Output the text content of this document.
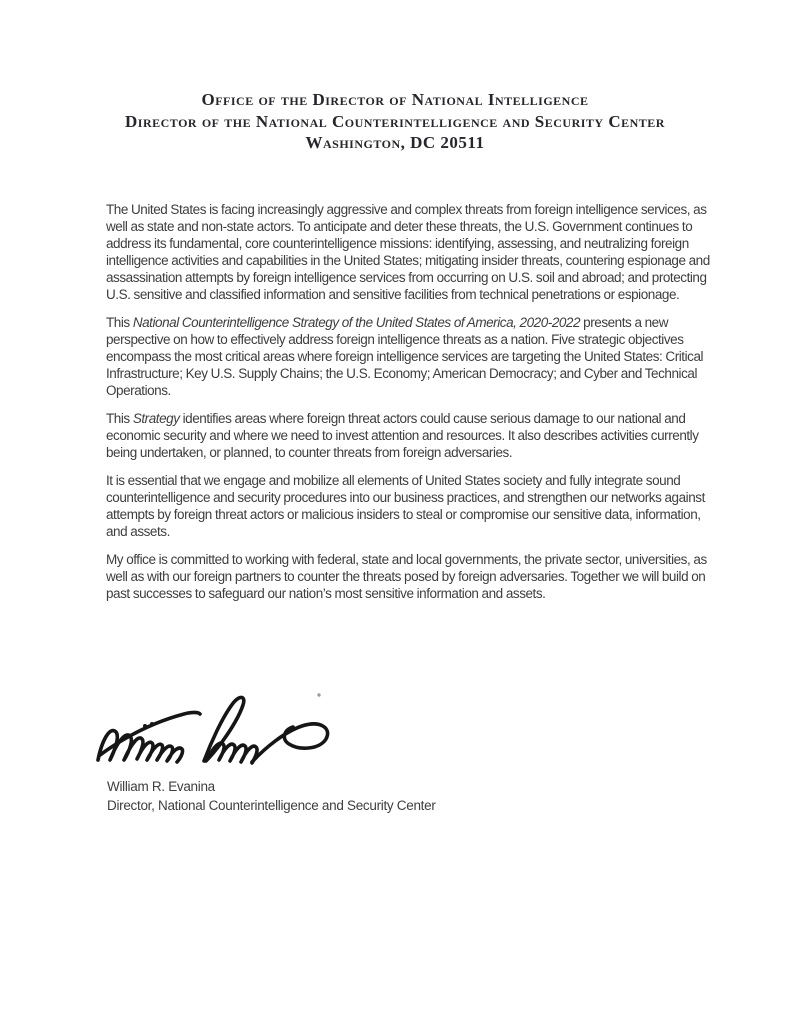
Office of the Director of National Intelligence
Director of the National Counterintelligence and Security Center
Washington, DC 20511

The United States is facing increasingly aggressive and complex threats from foreign intelligence services, as well as state and non-state actors. To anticipate and deter these threats, the U.S. Government continues to address its fundamental, core counterintelligence missions: identifying, assessing, and neutralizing foreign intelligence activities and capabilities in the United States; mitigating insider threats, countering espionage and assassination attempts by foreign intelligence services from occurring on U.S. soil and abroad; and protecting U.S. sensitive and classified information and sensitive facilities from technical penetrations or espionage.

This National Counterintelligence Strategy of the United States of America, 2020-2022 presents a new perspective on how to effectively address foreign intelligence threats as a nation. Five strategic objectives encompass the most critical areas where foreign intelligence services are targeting the United States: Critical Infrastructure; Key U.S. Supply Chains; the U.S. Economy; American Democracy; and Cyber and Technical Operations.

This Strategy identifies areas where foreign threat actors could cause serious damage to our national and economic security and where we need to invest attention and resources. It also describes activities currently being undertaken, or planned, to counter threats from foreign adversaries.

It is essential that we engage and mobilize all elements of United States society and fully integrate sound counterintelligence and security procedures into our business practices, and strengthen our networks against attempts by foreign threat actors or malicious insiders to steal or compromise our sensitive data, information, and assets.

My office is committed to working with federal, state and local governments, the private sector, universities, as well as with our foreign partners to counter the threats posed by foreign adversaries. Together we will build on past successes to safeguard our nation’s most sensitive information and assets.

William R. Evanina
Director, National Counterintelligence and Security Center
